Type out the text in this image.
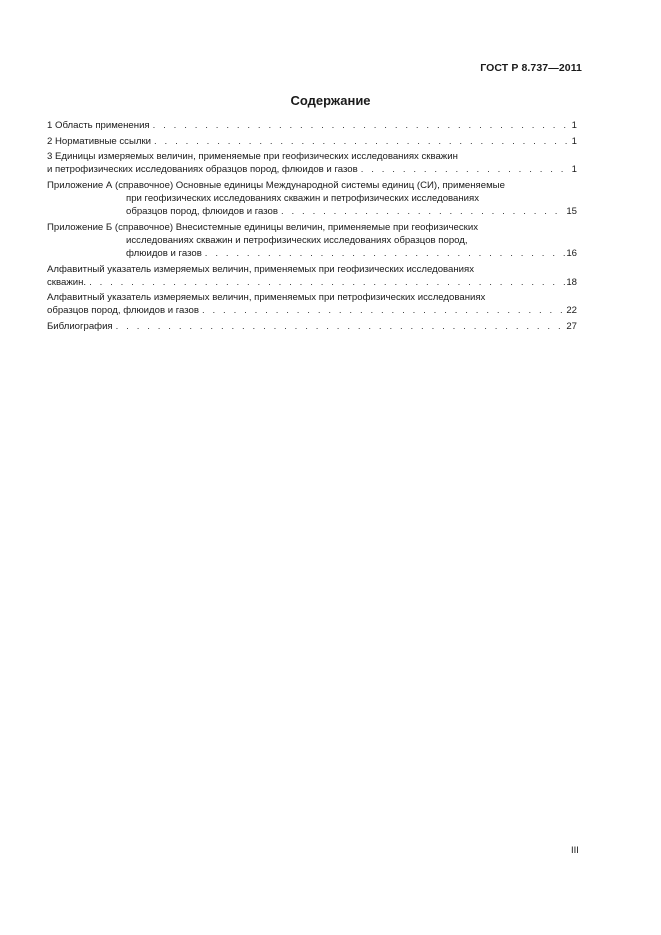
ГОСТ Р 8.737—2011
Содержание
1 Область применения . . .	1
2 Нормативные ссылки . . .	1
3 Единицы измеряемых величин, применяемые при геофизических исследованиях скважин
и петрофизических исследованиях образцов пород, флюидов и газов . . .	1
Приложение А (справочное) Основные единицы Международной системы единиц (СИ), применяемые
при геофизических исследованиях скважин и петрофизических исследованиях
образцов пород, флюидов и газов . . .	15
Приложение Б (справочное) Внесистемные единицы величин, применяемые при геофизических
исследованиях скважин и петрофизических исследованиях образцов пород,
флюидов и газов . . .	16
Алфавитный указатель измеряемых величин, применяемых при геофизических исследованиях
скважин. . . .	18
Алфавитный указатель измеряемых величин, применяемых при петрофизических исследованиях
образцов пород, флюидов и газов . . .	22
Библиография . . .	27
III
